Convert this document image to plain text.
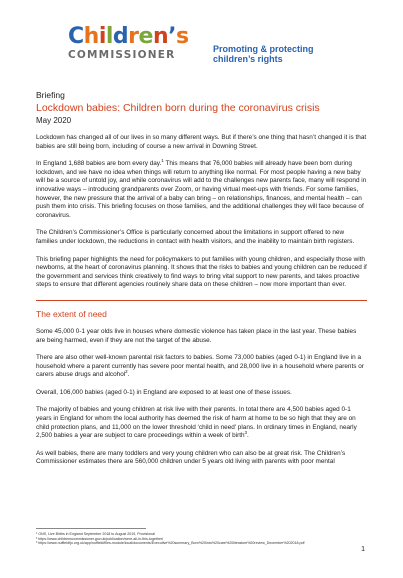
Children’s
COMMISSIONER	Promoting & protecting
children’s rights
Briefing
Lockdown babies: Children born during the coronavirus crisis
May 2020

Lockdown has changed all of our lives in so many different ways. But if there’s one thing that hasn’t changed it is that babies are still being born, including of course a new arrival in Downing Street.

In England 1,688 babies are born every day.$^1$ This means that 76,000 babies will already have been born during lockdown, and we have no idea when things will return to anything like normal. For most people having a new baby will be a source of untold joy, and while coronavirus will add to the challenges new parents face, many will respond in innovative ways – introducing grandparents over Zoom, or having virtual meet-ups with friends. For some families, however, the new pressure that the arrival of a baby can bring – on relationships, finances, and mental health – can push them into crisis. This briefing focuses on those families, and the additional challenges they will face because of coronavirus.

The Children’s Commissioner’s Office is particularly concerned about the limitations in support offered to new families under lockdown, the reductions in contact with health visitors, and the inability to maintain birth registers.

This briefing paper highlights the need for policymakers to put families with young children, and especially those with newborns, at the heart of coronavirus planning. It shows that the risks to babies and young children can be reduced if the government and services think creatively to find ways to bring vital support to new parents, and takes proactive steps to ensure that different agencies routinely share data on these children – now more important than ever.

The extent of need

Some 45,000 0-1 year olds live in houses where domestic violence has taken place in the last year. These babies are being harmed, even if they are not the target of the abuse.

There are also other well-known parental risk factors to babies. Some 73,000 babies (aged 0-1) in England live in a household where a parent currently has severe poor mental health, and 28,000 live in a household where parents or carers abuse drugs and alcohol$^2$.

Overall, 106,000 babies (aged 0-1) in England are exposed to at least one of these issues.

The majority of babies and young children at risk live with their parents. In total there are 4,500 babies aged 0-1 years in England for whom the local authority has deemed the risk of harm at home to be so high that they are on child protection plans, and 11,000 on the lower threshold ‘child in need’ plans. In ordinary times in England, nearly 2,500 babies a year are subject to care proceedings within a week of birth$^3$.

As well babies, there are many toddlers and very young children who can also be at great risk. The Children’s Commissioner estimates there are 560,000 children under 5 years old living with parents with poor mental

¹ ONS, Live Births in England September 2018 to August 2019, Provisional
² https://www.childrenscommissioner.gov.uk/publication/were-all-in-this-together/
³ https://www.nuffieldfjo.org.uk/app/nuffield/files-module/local/documents/Executive%20summary_Born%20into%20care%20literature%20review_December%202018.pdf
1
